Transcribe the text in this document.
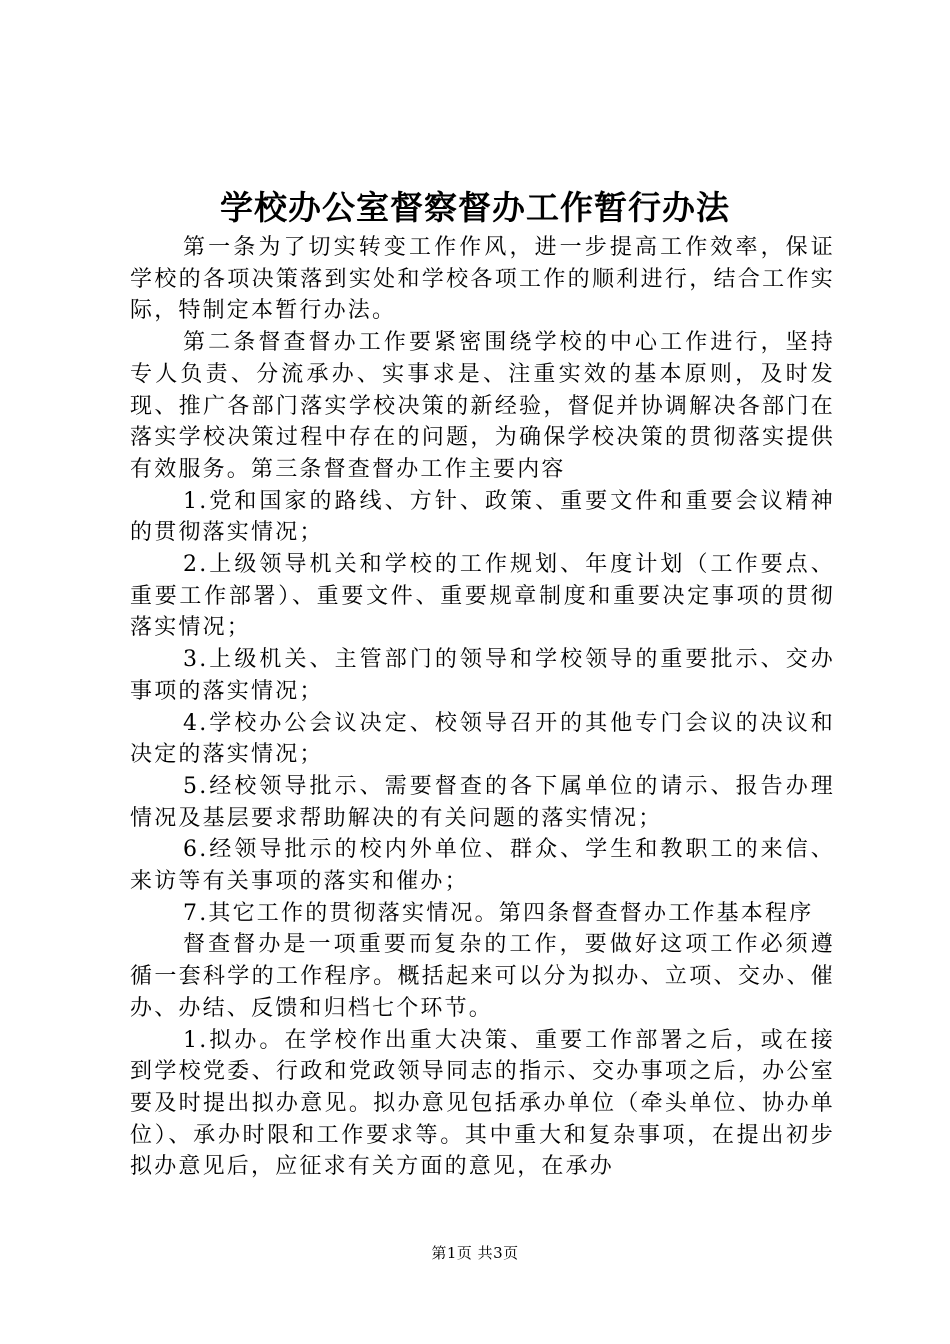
学校办公室督察督办工作暂行办法

第一条为了切实转变工作作风，进一步提高工作效率，保证学校的各项决策落到实处和学校各项工作的顺利进行，结合工作实际，特制定本暂行办法。

第二条督查督办工作要紧密围绕学校的中心工作进行，坚持专人负责、分流承办、实事求是、注重实效的基本原则，及时发现、推广各部门落实学校决策的新经验，督促并协调解决各部门在落实学校决策过程中存在的问题，为确保学校决策的贯彻落实提供有效服务。第三条督查督办工作主要内容

1.党和国家的路线、方针、政策、重要文件和重要会议精神的贯彻落实情况；

2.上级领导机关和学校的工作规划、年度计划（工作要点、重要工作部署）、重要文件、重要规章制度和重要决定事项的贯彻落实情况；

3.上级机关、主管部门的领导和学校领导的重要批示、交办事项的落实情况；

4.学校办公会议决定、校领导召开的其他专门会议的决议和决定的落实情况；

5.经校领导批示、需要督查的各下属单位的请示、报告办理情况及基层要求帮助解决的有关问题的落实情况；

6.经领导批示的校内外单位、群众、学生和教职工的来信、来访等有关事项的落实和催办；

7.其它工作的贯彻落实情况。第四条督查督办工作基本程序

督查督办是一项重要而复杂的工作，要做好这项工作必须遵循一套科学的工作程序。概括起来可以分为拟办、立项、交办、催办、办结、反馈和归档七个环节。

1.拟办。在学校作出重大决策、重要工作部署之后，或在接到学校党委、行政和党政领导同志的指示、交办事项之后，办公室要及时提出拟办意见。拟办意见包括承办单位（牵头单位、协办单位）、承办时限和工作要求等。其中重大和复杂事项，在提出初步拟办意见后，应征求有关方面的意见，在承办

第1页 共3页
